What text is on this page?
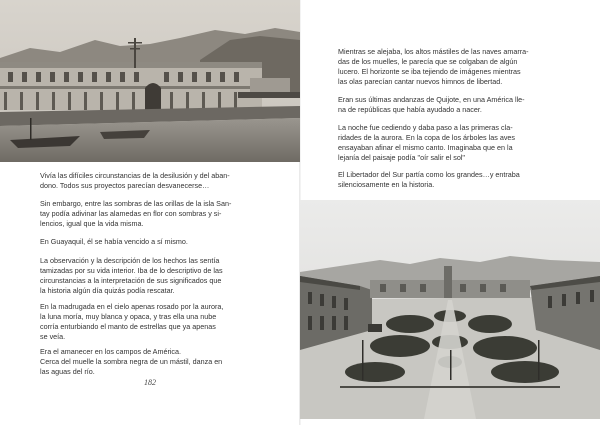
Vivía las difíciles circunstancias de la desilusión y del aban-
dono. Todos sus proyectos parecían desvanecerse…

Sin embargo, entre las sombras de las orillas de la isla San-
tay podía adivinar las alamedas en flor con sombras y si-
lencios, igual que la vida misma.

En Guayaquil, él se había vencido a sí mismo.

La observación y la descripción de los hechos las sentía
tamizadas por su vida interior. Iba de lo descriptivo de las
circunstancias a la interpretación de sus significados que
la historia algún día quizás podía rescatar.

En la madrugada en el cielo apenas rosado por la aurora,
la luna moría, muy blanca y opaca, y tras ella una nube
corría enturbiando el manto de estrellas que ya apenas
se veía.

Era el amanecer en los campos de América.
Cerca del muelle la sombra negra de un mástil, danza en
las aguas del río.

182

Mientras se alejaba, los altos mástiles de las naves amarra-
das de los muelles, le parecía que se colgaban de algún
lucero. El horizonte se iba tejiendo de imágenes mientras
las olas parecían cantar nuevos himnos de libertad.

Eran sus últimas andanzas de Quijote, en una América lle-
na de repúblicas que había ayudado a nacer.

La noche fue cediendo y daba paso a las primeras cla-
ridades de la aurora. En la copa de los árboles las aves
ensayaban afinar el mismo canto. Imaginaba que en la
lejanía del paisaje podía "oír salir el sol"

El Libertador del Sur partía como los grandes…y entraba
silenciosamente en la historia.
